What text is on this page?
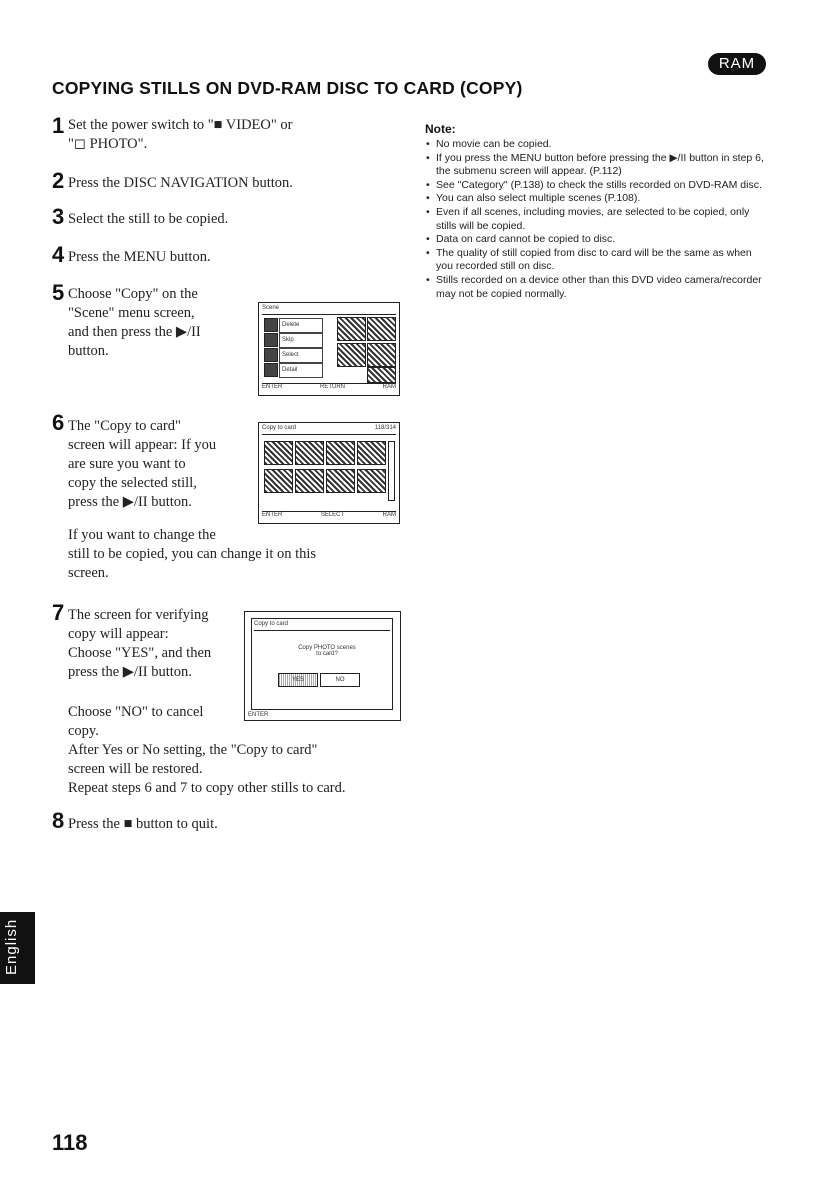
RAM
COPYING STILLS ON DVD-RAM DISC TO CARD (COPY)
1 Set the power switch to "■ VIDEO" or
"◻ PHOTO".
2 Press the DISC NAVIGATION button.
3 Select the still to be copied.
4 Press the MENU button.
5 Choose "Copy" on the
"Scene" menu screen,
and then press the ▶/II
button.
Scene
Delete
Skip
Select
Detail
ENTER	RETURN	RAM
6 The "Copy to card"
screen will appear: If you
are sure you want to
copy the selected still,
press the ▶/II button.
Copy to card	118/314
ENTER	SELECT	RAM
If you want to change the
still to be copied, you can change it on this
screen.
7 The screen for verifying
copy will appear:
Choose "YES", and then
press the ▶/II button.
Copy to card
Copy PHOTO scenes
to card?
YES	NO
ENTER
Choose "NO" to cancel
copy.
After Yes or No setting, the "Copy to card"
screen will be restored.
Repeat steps 6 and 7 to copy other stills to card.
8 Press the ■ button to quit.
Note:
• No movie can be copied.
• If you press the MENU button before pressing the ▶/II button in step 6, the submenu screen will appear. (P.112)
• See "Category" (P.138) to check the stills recorded on DVD-RAM disc.
• You can also select multiple scenes (P.108).
• Even if all scenes, including movies, are selected to be copied, only stills will be copied.
• Data on card cannot be copied to disc.
• The quality of still copied from disc to card will be the same as when you recorded still on disc.
• Stills recorded on a device other than this DVD video camera/recorder may not be copied normally.
English
118
